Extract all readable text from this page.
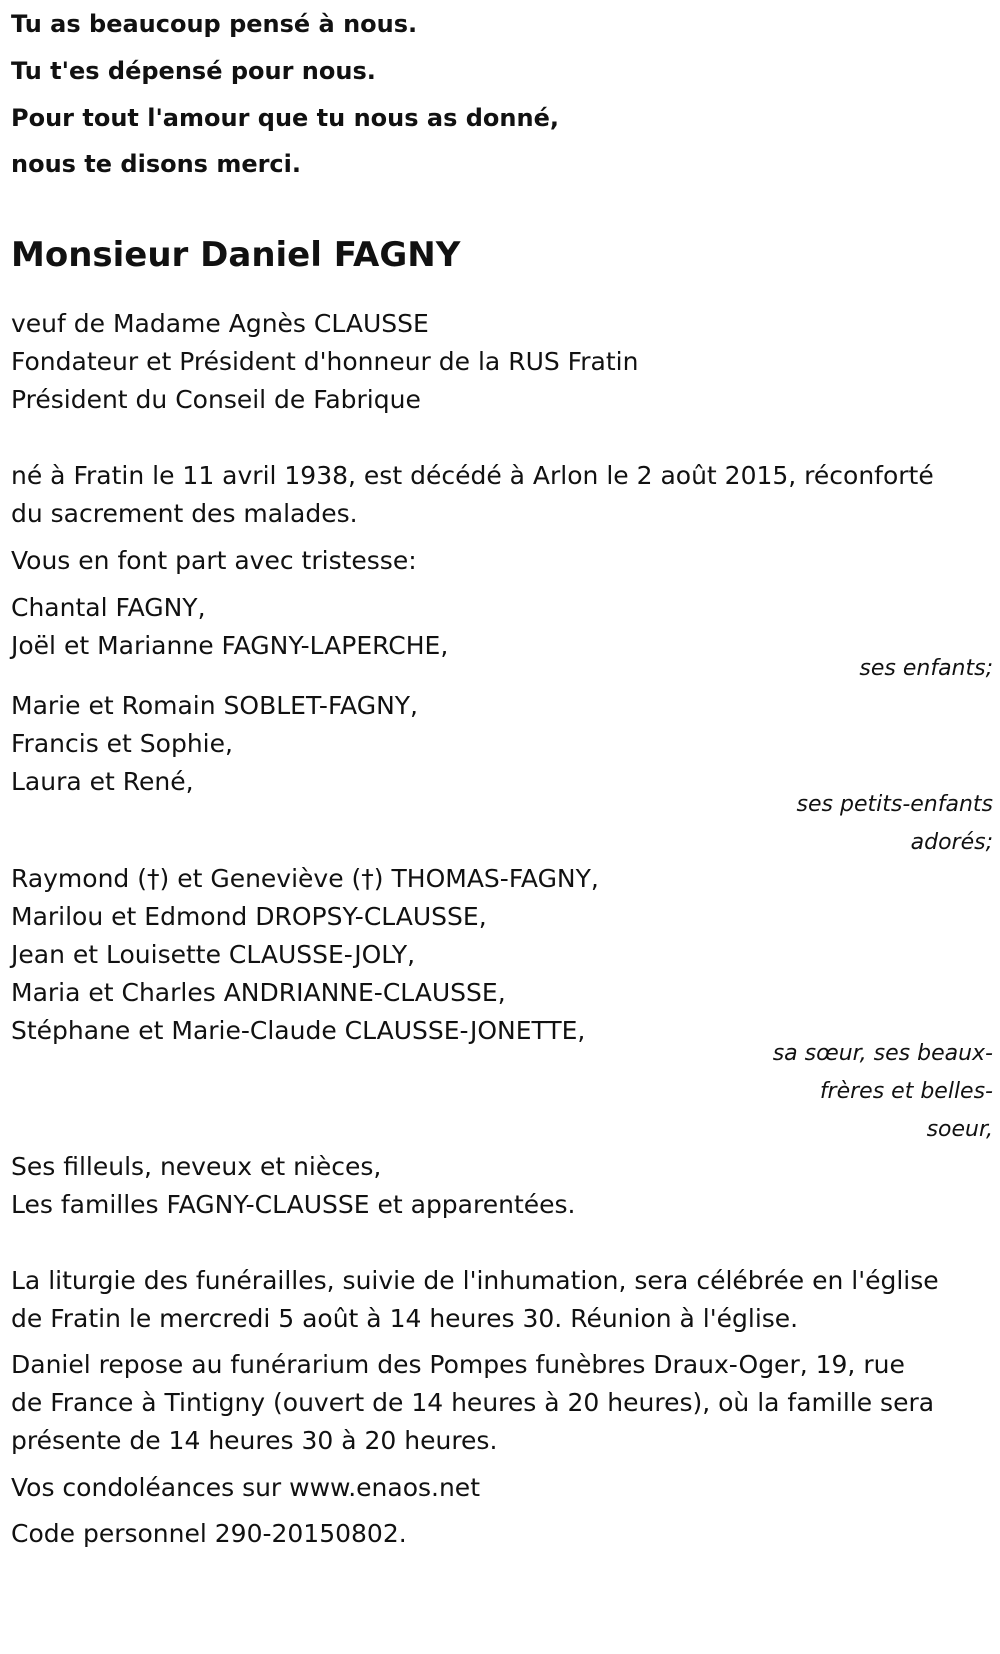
Tu as beaucoup pensé à nous.
Tu t'es dépensé pour nous.
Pour tout l'amour que tu nous as donné,
nous te disons merci.
Monsieur Daniel FAGNY
veuf de Madame Agnès CLAUSSE
Fondateur et Président d'honneur de la RUS Fratin
Président du Conseil de Fabrique
né à Fratin le 11 avril 1938, est décédé à Arlon le 2 août 2015, réconforté
du sacrement des malades.
Vous en font part avec tristesse:
Chantal FAGNY,
Joël et Marianne FAGNY-LAPERCHE,
ses enfants;
Marie et Romain SOBLET-FAGNY,
Francis et Sophie,
Laura et René,
ses petits-enfants
adorés;
Raymond (†) et Geneviève (†) THOMAS-FAGNY,
Marilou et Edmond DROPSY-CLAUSSE,
Jean et Louisette CLAUSSE-JOLY,
Maria et Charles ANDRIANNE-CLAUSSE,
Stéphane et Marie-Claude CLAUSSE-JONETTE,
sa sœur, ses beaux-
frères et belles-
soeur,
Ses filleuls, neveux et nièces,
Les familles FAGNY-CLAUSSE et apparentées.
La liturgie des funérailles, suivie de l'inhumation, sera célébrée en l'église
de Fratin le mercredi 5 août à 14 heures 30. Réunion à l'église.
Daniel repose au funérarium des Pompes funèbres Draux-Oger, 19, rue
de France à Tintigny (ouvert de 14 heures à 20 heures), où la famille sera
présente de 14 heures 30 à 20 heures.
Vos condoléances sur www.enaos.net
Code personnel 290-20150802.
